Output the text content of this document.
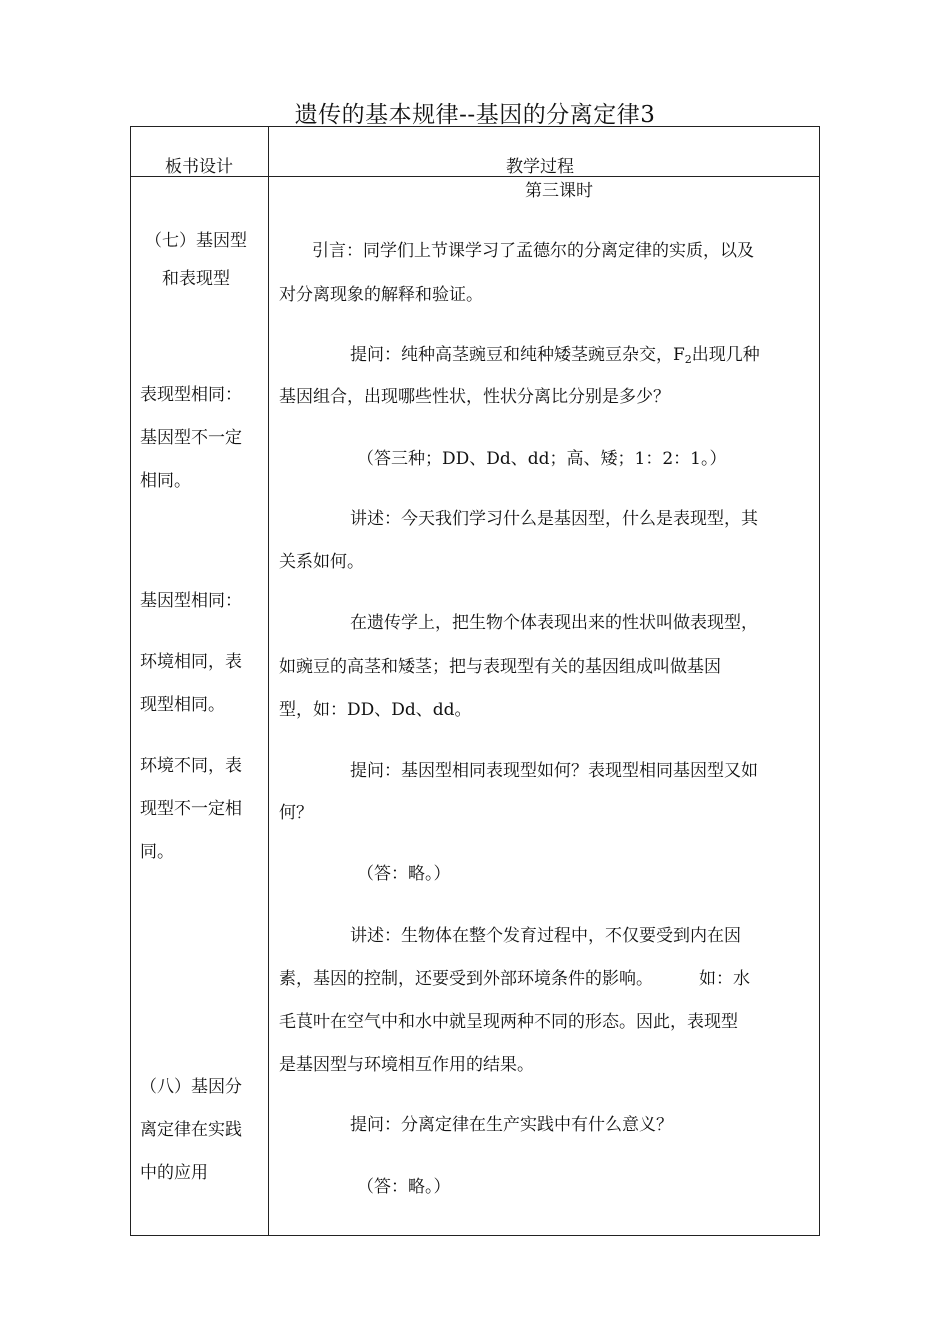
遗传的基本规律--基因的分离定律3
板书设计	教学过程
（七）基因型
和表现型
表现型相同：
基因型不一定
相同。
基因型相同：
环境相同，表
现型相同。
环境不同，表
现型不一定相
同。
（八）基因分
离定律在实践
中的应用
第三课时
引言：同学们上节课学习了孟德尔的分离定律的实质，以及
对分离现象的解释和验证。
提问：纯种高茎豌豆和纯种矮茎豌豆杂交，$F_2$出现几种
基因组合，出现哪些性状，性状分离比分别是多少？
（答三种；DD、Dd、dd；高、矮；1：2：1。）
讲述：今天我们学习什么是基因型，什么是表现型，其
关系如何。
在遗传学上，把生物个体表现出来的性状叫做表现型，
如豌豆的高茎和矮茎；把与表现型有关的基因组成叫做基因
型，如：DD、Dd、dd。
提问：基因型相同表现型如何？表现型相同基因型又如
何？
（答：略。）
讲述：生物体在整个发育过程中，不仅要受到内在因
素，基因的控制，还要受到外部环境条件的影响。	如：水
毛茛叶在空气中和水中就呈现两种不同的形态。因此，表现型
是基因型与环境相互作用的结果。
提问：分离定律在生产实践中有什么意义？
（答：略。）
